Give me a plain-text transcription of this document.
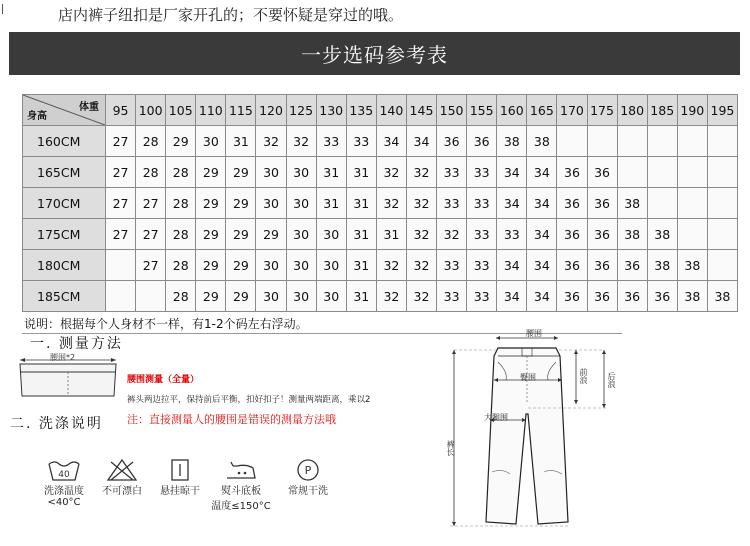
店内裤子纽扣是厂家开孔的；不要怀疑是穿过的哦。
一步选码参考表
体重
身高	95	100	105	110	115	120	125	130	135	140	145	150	155	160	165	170	175	180	185	190	195
160CM	27	28	29	30	31	32	32	33	33	34	34	36	36	38	38						
165CM	27	28	28	29	29	30	30	31	31	32	32	33	33	34	34	36	36				
170CM	27	27	28	29	29	30	30	31	31	32	32	33	33	34	34	36	36	38			
175CM	27	27	28	29	29	29	30	30	31	31	32	32	33	33	34	36	36	38	38		
180CM		27	28	29	29	30	30	30	31	32	32	33	33	34	34	36	36	36	38	38	
185CM			28	29	29	30	30	30	31	32	32	33	33	34	34	36	36	36	36	38	38
说明：根据每个人身材不一样，有1-2个码左右浮动。
一. 测量方法
腰围*2
腰围测量（全量）
裤头两边拉平，保持前后平衡，扣好扣子！测量两端距离，乘以2
注：直接测量人的腰围是错误的测量方法哦
二. 洗涤说明
40
洗涤温度
<40°C
不可漂白	悬挂晾干	熨斗底板
温度≤150°C
P
常规干洗
腰围
臀围
大腿围
前浪 后浪
裤长
